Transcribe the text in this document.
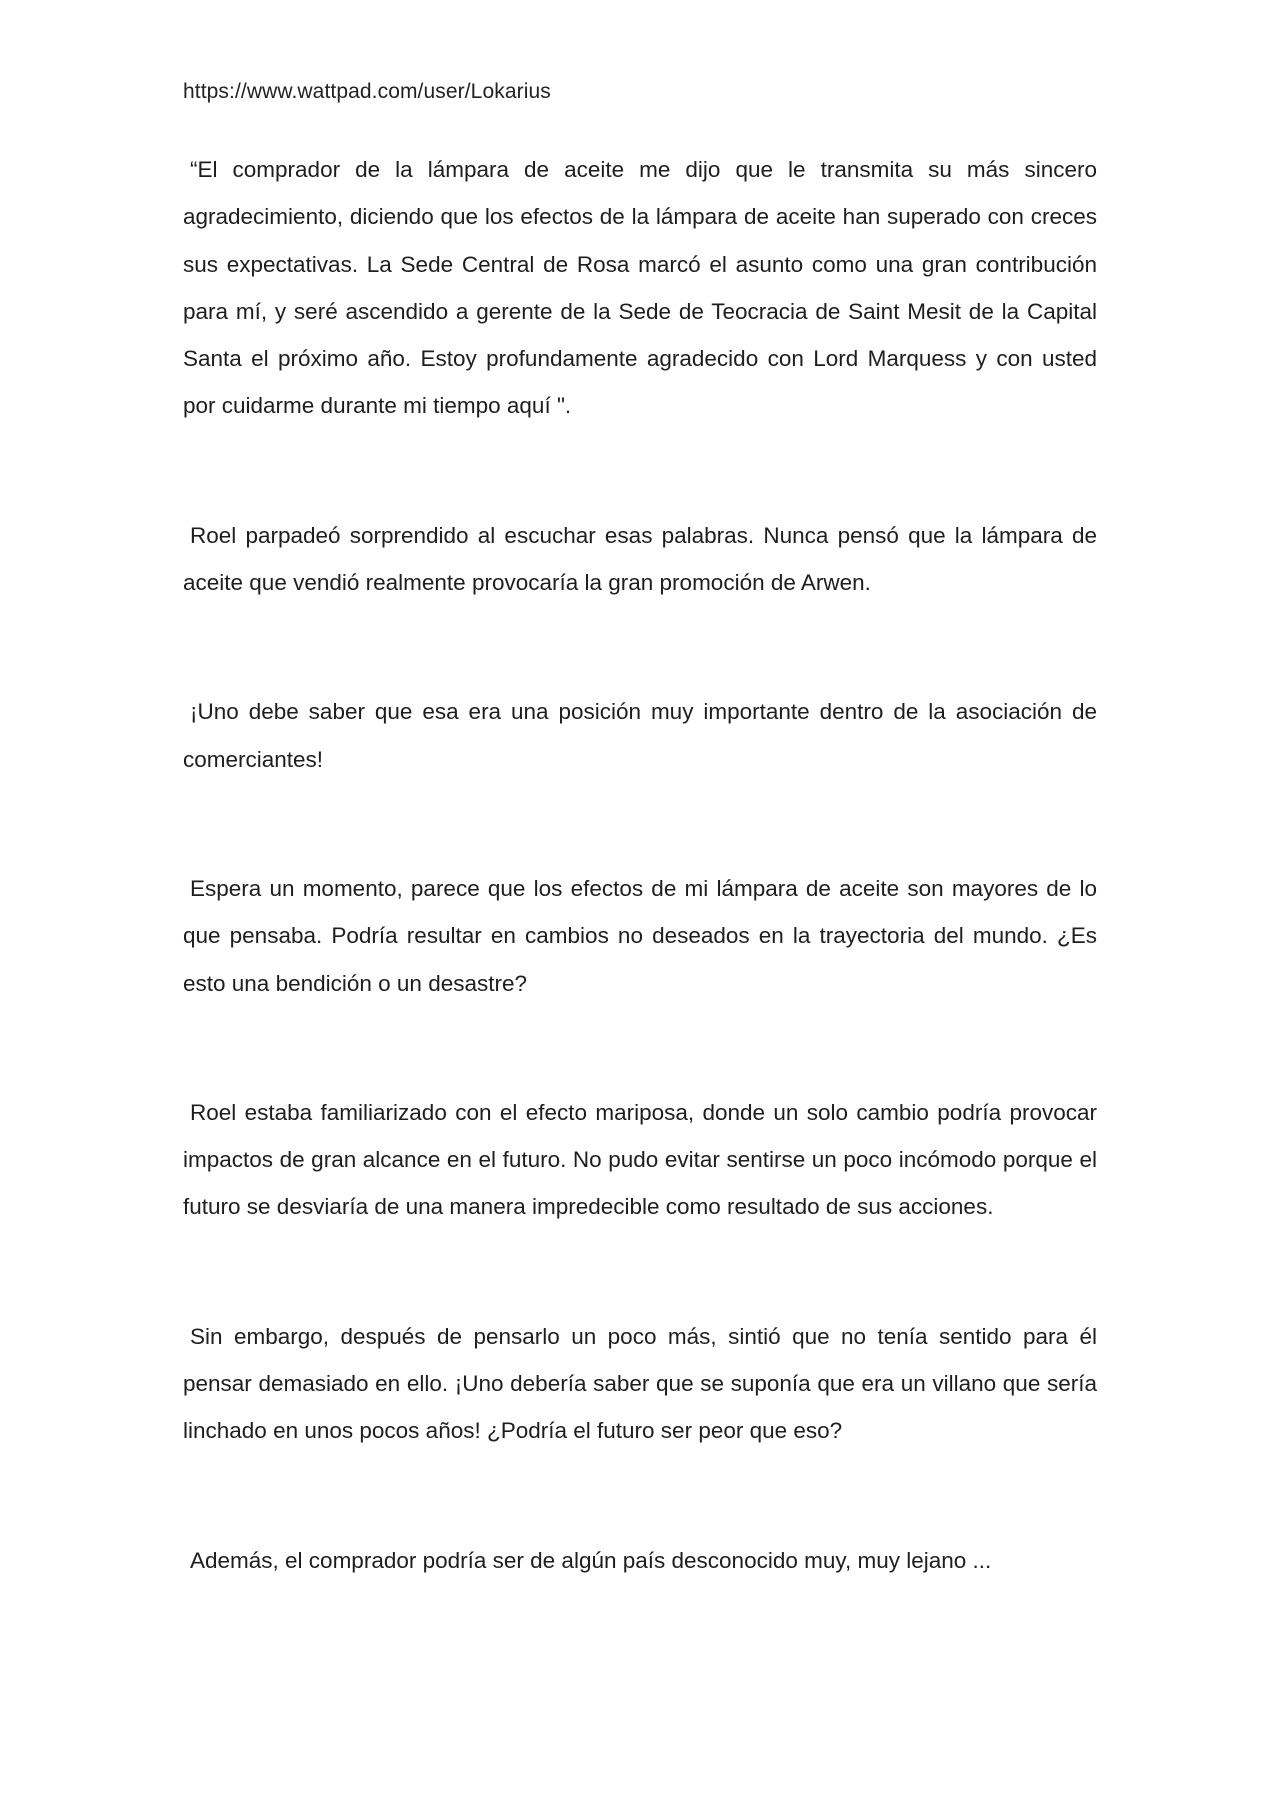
https://www.wattpad.com/user/Lokarius

“El comprador de la lámpara de aceite me dijo que le transmita su más sincero agradecimiento, diciendo que los efectos de la lámpara de aceite han superado con creces sus expectativas. La Sede Central de Rosa marcó el asunto como una gran contribución para mí, y seré ascendido a gerente de la Sede de Teocracia de Saint Mesit de la Capital Santa el próximo año. Estoy profundamente agradecido con Lord Marquess y con usted por cuidarme durante mi tiempo aquí ".

Roel parpadeó sorprendido al escuchar esas palabras. Nunca pensó que la lámpara de aceite que vendió realmente provocaría la gran promoción de Arwen.

¡Uno debe saber que esa era una posición muy importante dentro de la asociación de comerciantes!

Espera un momento, parece que los efectos de mi lámpara de aceite son mayores de lo que pensaba. Podría resultar en cambios no deseados en la trayectoria del mundo. ¿Es esto una bendición o un desastre?

Roel estaba familiarizado con el efecto mariposa, donde un solo cambio podría provocar impactos de gran alcance en el futuro. No pudo evitar sentirse un poco incómodo porque el futuro se desviaría de una manera impredecible como resultado de sus acciones.

Sin embargo, después de pensarlo un poco más, sintió que no tenía sentido para él pensar demasiado en ello. ¡Uno debería saber que se suponía que era un villano que sería linchado en unos pocos años! ¿Podría el futuro ser peor que eso?

Además, el comprador podría ser de algún país desconocido muy, muy lejano ...
